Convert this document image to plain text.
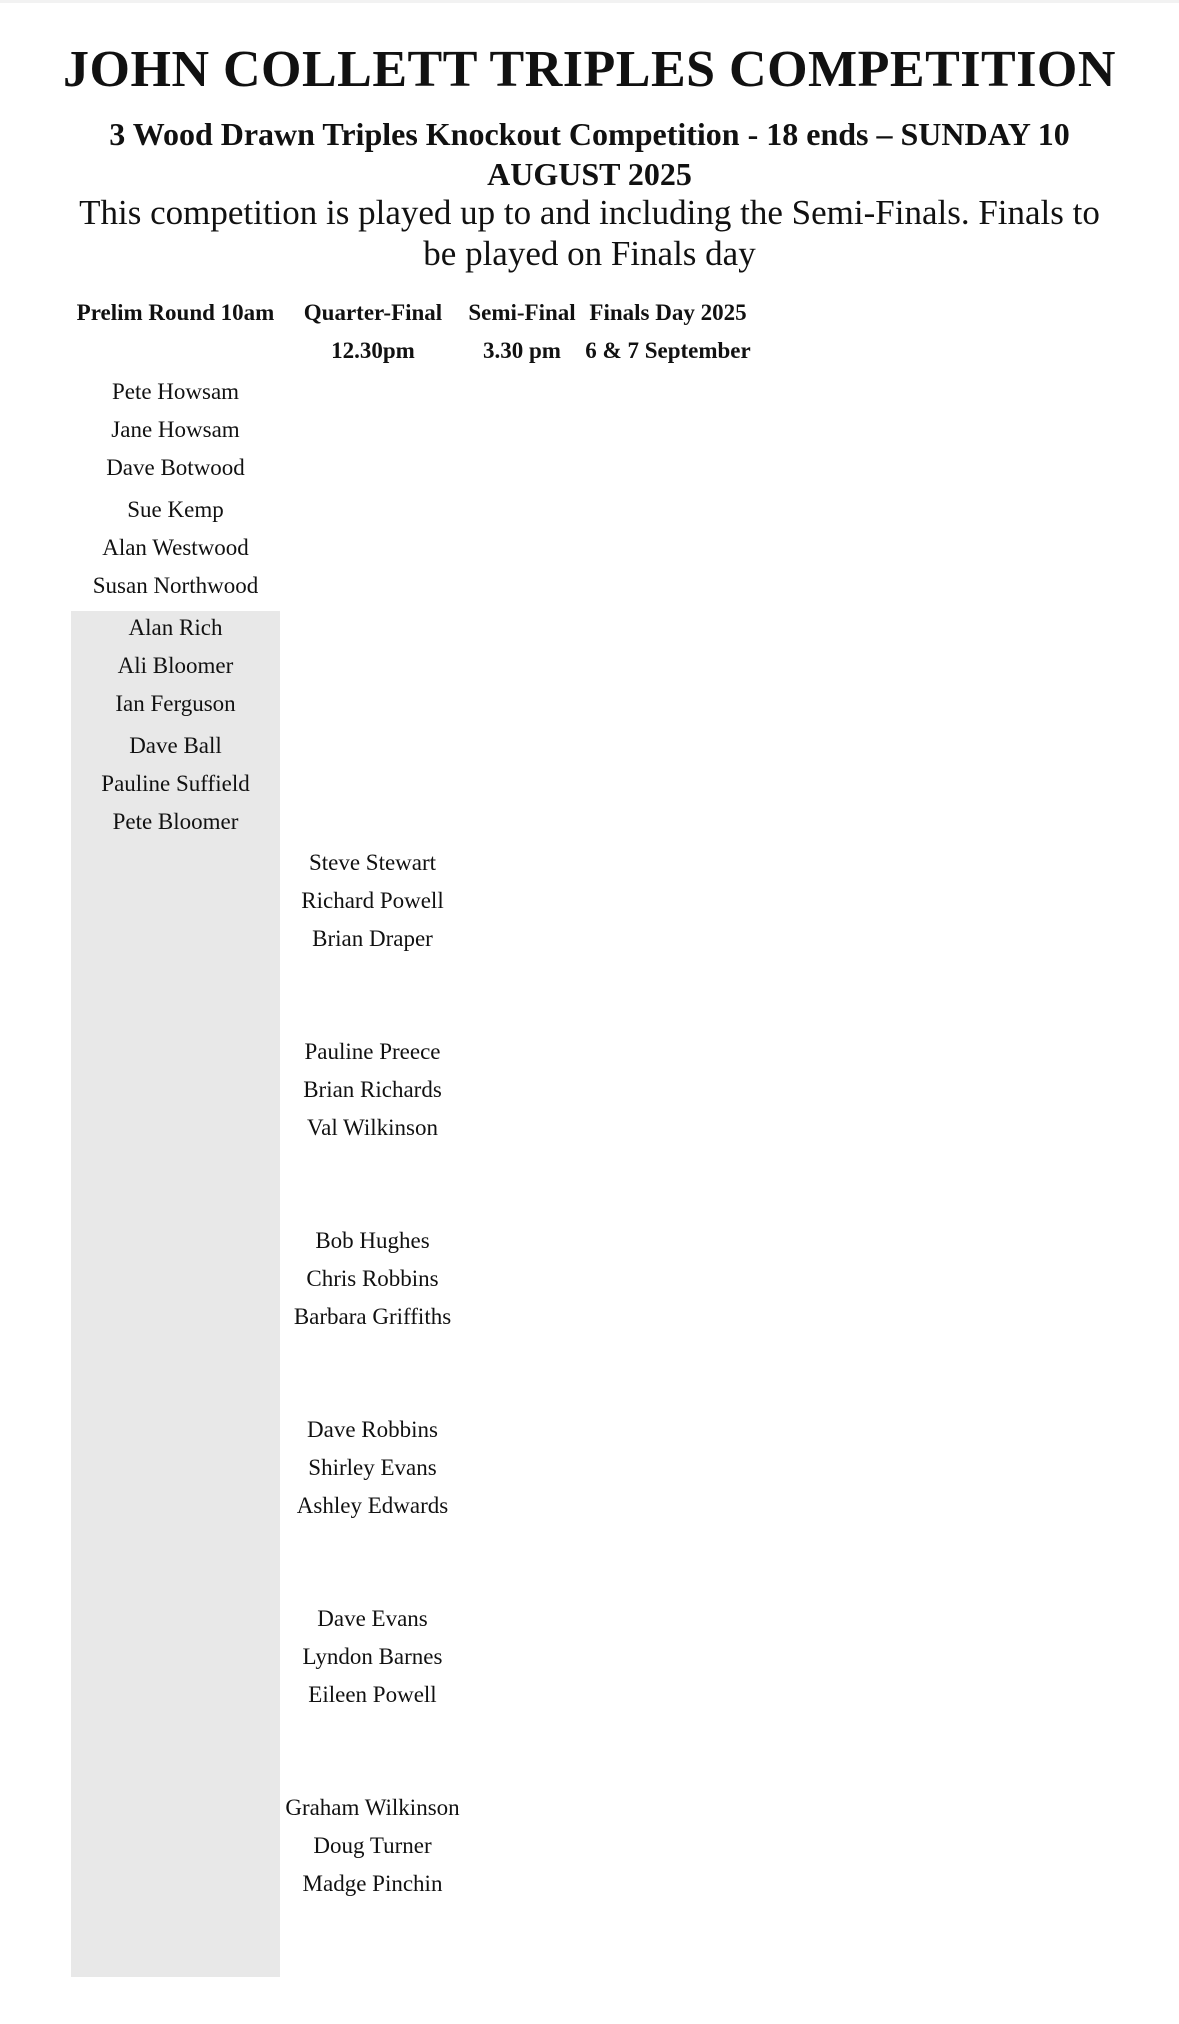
JOHN COLLETT TRIPLES COMPETITION
3 Wood Drawn Triples Knockout Competition - 18 ends – SUNDAY 10 AUGUST 2025
This competition is played up to and including the Semi-Finals. Finals to be played on Finals day
Prelim Round 10am	Quarter-Final
12.30pm
Semi-Final
3.30 pm
Finals Day 2025
6 & 7 September
Pete Howsam
Jane Howsam
Dave Botwood
Sue Kemp
Alan Westwood
Susan Northwood
Alan Rich
Ali Bloomer
Ian Ferguson
Dave Ball
Pauline Suffield
Pete Bloomer
Steve Stewart
Richard Powell
Brian Draper
Pauline Preece
Brian Richards
Val Wilkinson
Bob Hughes
Chris Robbins
Barbara Griffiths
Dave Robbins
Shirley Evans
Ashley Edwards
Dave Evans
Lyndon Barnes
Eileen Powell
Graham Wilkinson
Doug Turner
Madge Pinchin
